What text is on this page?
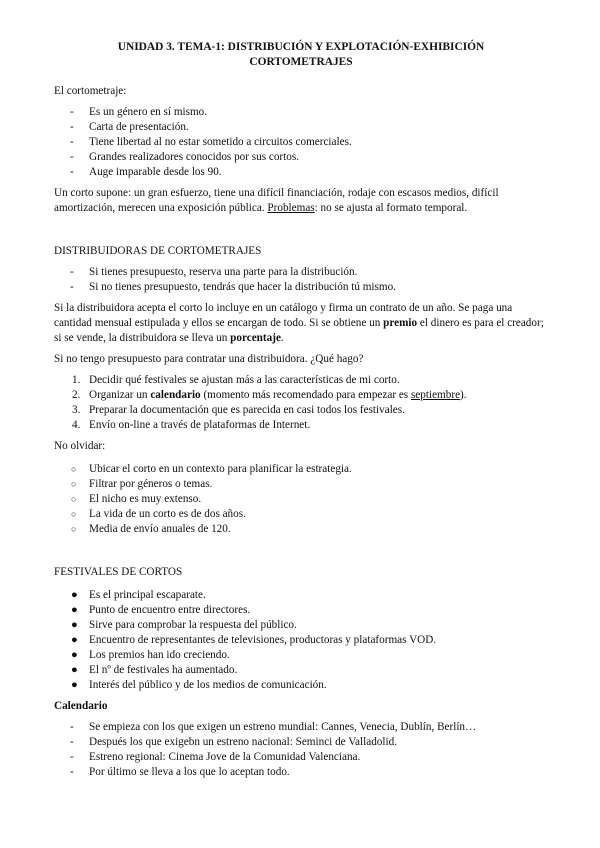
UNIDAD 3. TEMA-1: DISTRIBUCIÓN Y EXPLOTACIÓN-EXHIBICIÓN
CORTOMETRAJES

El cortometraje:

-	Es un género en sí mismo.
-	Carta de presentación.
-	Tiene libertad al no estar sometido a circuitos comerciales.
-	Grandes realizadores conocidos por sus cortos.
-	Auge imparable desde los 90.

Un corto supone: un gran esfuerzo, tiene una difícil financiación, rodaje con escasos medios, difícil amortización, merecen una exposición pública. Problemas: no se ajusta al formato temporal.

DISTRIBUIDORAS DE CORTOMETRAJES

-	Si tienes presupuesto, reserva una parte para la distribución.
-	Si no tienes presupuesto, tendrás que hacer la distribución tú mismo.

Si la distribuidora acepta el corto lo incluye en un catálogo y firma un contrato de un año. Se paga una cantidad mensual estipulada y ellos se encargan de todo. Si se obtiene un premio el dinero es para el creador; si se vende, la distribuidora se lleva un porcentaje.

Si no tengo presupuesto para contratar una distribuidora. ¿Qué hago?

1. Decidir qué festivales se ajustan más a las características de mi corto.
2. Organizar un calendario (momento más recomendado para empezar es septiembre).
3. Preparar la documentación que es parecida en casi todos los festivales.
4. Envío on-line a través de plataformas de Internet.

No olvidar:

○	Ubicar el corto en un contexto para planificar la estrategia.
○	Filtrar por géneros o temas.
○	El nicho es muy extenso.
○	La vida de un corto es de dos años.
○	Media de envío anuales de 120.

FESTIVALES DE CORTOS

●	Es el principal escaparate.
●	Punto de encuentro entre directores.
●	Sirve para comprobar la respuesta del público.
●	Encuentro de representantes de televisiones, productoras y plataformas VOD.
●	Los premios han ido creciendo.
●	El nº de festivales ha aumentado.
●	Interés del público y de los medios de comunicación.

Calendario

-	Se empieza con los que exigen un estreno mundial: Cannes, Venecia, Dublín, Berlín…
-	Después los que exigebn un estreno nacional: Seminci de Valladolid.
-	Estreno regional: Cinema Jove de la Comunidad Valenciana.
-	Por último se lleva a los que lo aceptan todo.
